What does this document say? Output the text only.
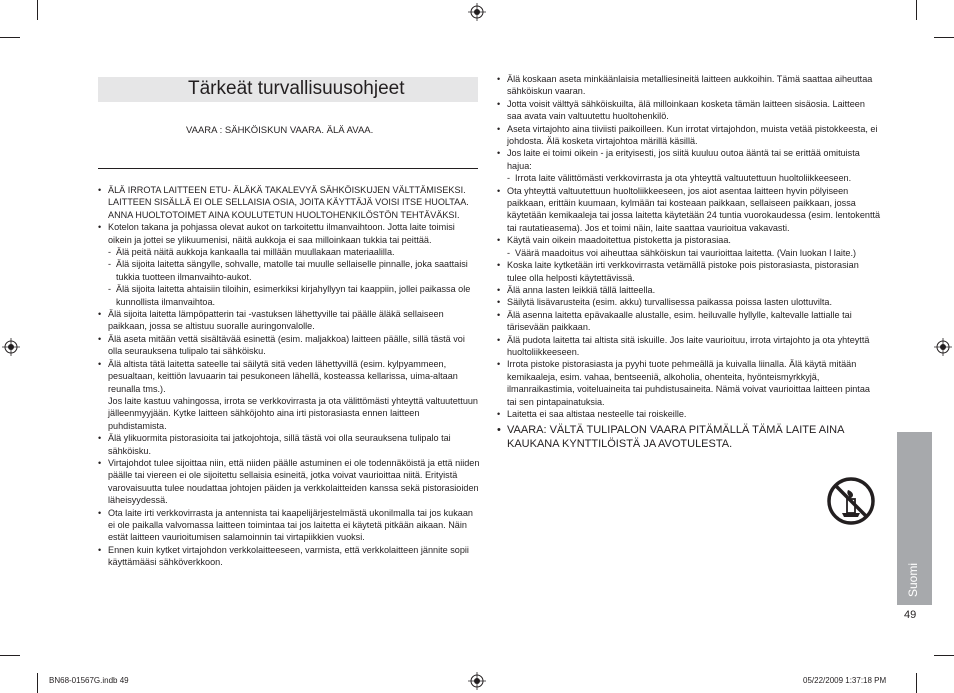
Tärkeät turvallisuusohjeet
VAARA : SÄHKÖISKUN VAARA. ÄLÄ AVAA.
• ÄLÄ IRROTA LAITTEEN ETU- ÄLÄKÄ TAKALEVYÄ SÄHKÖISKUJEN VÄLTTÄMISEKSI. LAITTEEN SISÄLLÄ EI OLE SELLAISIA OSIA, JOITA KÄYTTÄJÄ VOISI ITSE HUOLTAA. ANNA HUOLTOTOIMET AINA KOULUTETUN HUOLTOHENKILÖSTÖN TEHTÄVÄKSI.
• Kotelon takana ja pohjassa olevat aukot on tarkoitettu ilmanvaihtoon. Jotta laite toimisi oikein ja jottei se ylikuumenisi, näitä aukkoja ei saa milloinkaan tukkia tai peittää.
- Älä peitä näitä aukkoja kankaalla tai millään muullakaan materiaalilla.
- Älä sijoita laitetta sängylle, sohvalle, matolle tai muulle sellaiselle pinnalle, joka saattaisi tukkia tuotteen ilmanvaihto-aukot.
- Älä sijoita laitetta ahtaisiin tiloihin, esimerkiksi kirjahyllyyn tai kaappiin, jollei paikassa ole kunnollista ilmanvaihtoa.
• Älä sijoita laitetta lämpöpatterin tai -vastuksen lähettyville tai päälle äläkä sellaiseen paikkaan, jossa se altistuu suoralle auringonvalolle.
• Älä aseta mitään vettä sisältävää esinettä (esim. maljakkoa) laitteen päälle, sillä tästä voi olla seurauksena tulipalo tai sähköisku.
• Älä altista tätä laitetta sateelle tai säilytä sitä veden lähettyvillä (esim. kylpyammeen, pesualtaan, keittiön lavuaarin tai pesukoneen lähellä, kosteassa kellarissa, uima-altaan reunalla tms.).
Jos laite kastuu vahingossa, irrota se verkkovirrasta ja ota välittömästi yhteyttä valtuutettuun jälleenmyyjään. Kytke laitteen sähköjohto aina irti pistorasiasta ennen laitteen puhdistamista.
• Älä ylikuormita pistorasioita tai jatkojohtoja, sillä tästä voi olla seurauksena tulipalo tai sähköisku.
• Virtajohdot tulee sijoittaa niin, että niiden päälle astuminen ei ole todennäköistä ja että niiden päälle tai viereen ei ole sijoitettu sellaisia esineitä, jotka voivat vaurioittaa niitä. Erityistä varovaisuutta tulee noudattaa johtojen päiden ja verkkolaitteiden kanssa sekä pistorasioiden läheisyydessä.
• Ota laite irti verkkovirrasta ja antennista tai kaapelijärjestelmästä ukonilmalla tai jos kukaan ei ole paikalla valvomassa laitteen toimintaa tai jos laitetta ei käytetä pitkään aikaan. Näin estät laitteen vaurioitumisen salamoinnin tai virtapiikkien vuoksi.
• Ennen kuin kytket virtajohdon verkkolaitteeseen, varmista, että verkkolaitteen jännite sopii käyttämääsi sähköverkkoon.
• Älä koskaan aseta minkäänlaisia metalliesineitä laitteen aukkoihin. Tämä saattaa aiheuttaa sähköiskun vaaran.
• Jotta voisit välttyä sähköiskuilta, älä milloinkaan kosketa tämän laitteen sisäosia. Laitteen saa avata vain valtuutettu huoltohenkilö.
• Aseta virtajohto aina tiiviisti paikoilleen. Kun irrotat virtajohdon, muista vetää pistokkeesta, ei johdosta. Älä kosketa virtajohtoa märillä käsillä.
• Jos laite ei toimi oikein - ja erityisesti, jos siitä kuuluu outoa ääntä tai se erittää omituista hajua:
- Irrota laite välittömästi verkkovirrasta ja ota yhteyttä valtuutettuun huoltoliikkeeseen.
• Ota yhteyttä valtuutettuun huoltoliikkeeseen, jos aiot asentaa laitteen hyvin pölyiseen paikkaan, erittäin kuumaan, kylmään tai kosteaan paikkaan, sellaiseen paikkaan, jossa käytetään kemikaaleja tai jossa laitetta käytetään 24 tuntia vuorokaudessa (esim. lentokenttä tai rautatieasema). Jos et toimi näin, laite saattaa vaurioitua vakavasti.
• Käytä vain oikein maadoitettua pistoketta ja pistorasiaa.
- Väärä maadoitus voi aiheuttaa sähköiskun tai vaurioittaa laitetta. (Vain luokan l laite.)
• Koska laite kytketään irti verkkovirrasta vetämällä pistoke pois pistorasiasta, pistorasian tulee olla helposti käytettävissä.
• Älä anna lasten leikkiä tällä laitteella.
• Säilytä lisävarusteita (esim. akku) turvallisessa paikassa poissa lasten ulottuvilta.
• Älä asenna laitetta epävakaalle alustalle, esim. heiluvalle hyllylle, kaltevalle lattialle tai tärisevään paikkaan.
• Älä pudota laitetta tai altista sitä iskuille. Jos laite vaurioituu, irrota virtajohto ja ota yhteyttä huoltoliikkeeseen.
• Irrota pistoke pistorasiasta ja pyyhi tuote pehmeällä ja kuivalla liinalla. Älä käytä mitään kemikaaleja, esim. vahaa, bentseeniä, alkoholia, ohenteita, hyönteismyrkkyjä, ilmanraikastimia, voiteluaineita tai puhdistusaineita. Nämä voivat vaurioittaa laitteen pintaa tai sen pintapainatuksia.
• Laitetta ei saa altistaa nesteelle tai roiskeille.
• VAARA: VÄLTÄ TULIPALON VAARA PITÄMÄLLÄ TÄMÄ LAITE AINA KAUKANA KYNTTILÖISTÄ JA AVOTULESTA.
Suomi
49
BN68-01567G.indb 49	05/22/2009 1:37:18 PM
